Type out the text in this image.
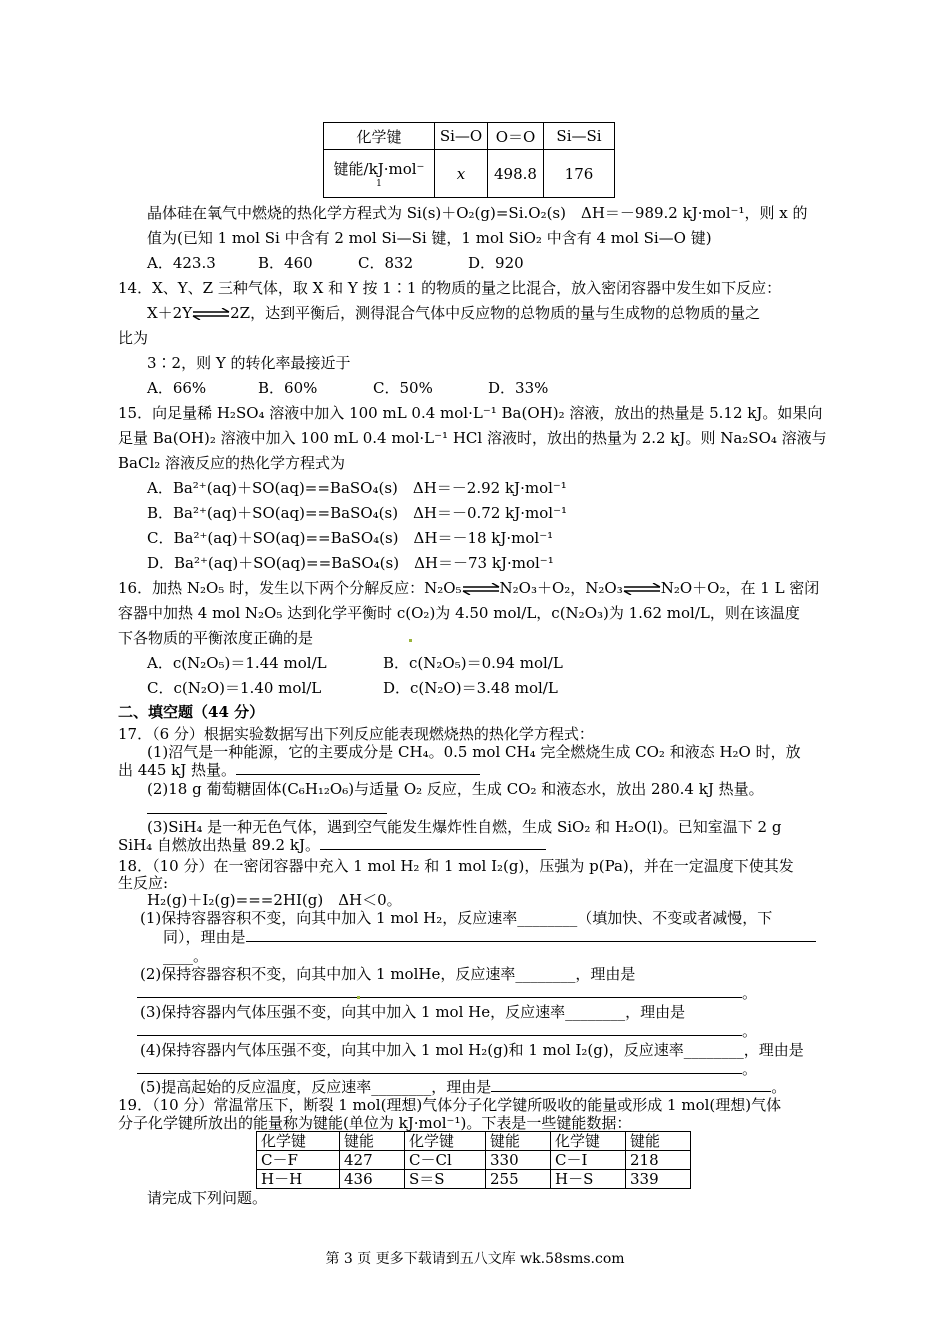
化学键	Si—O	O＝O	Si—Si
键能/kJ·mol⁻
1	x	498.8	176
晶体硅在氧气中燃烧的热化学方程式为 Si(s)＋O₂(g)=Si.O₂(s)　ΔH＝－989.2 kJ·mol⁻¹，则 x 的
值为(已知 1 mol Si 中含有 2 mol Si—Si 键，1 mol SiO₂ 中含有 4 mol Si—O 键)
A．423.3	B．460	C．832	D．920
14．X、Y、Z 三种气体，取 X 和 Y 按 1∶1 的物质的量之比混合，放入密闭容器中发生如下反应：
X＋2Y⇌2Z，达到平衡后，测得混合气体中反应物的总物质的量与生成物的总物质的量之
比为
3∶2，则 Y 的转化率最接近于
A．66%	B．60%	C．50%	D．33%
15．向足量稀 H₂SO₄ 溶液中加入 100 mL 0.4 mol·L⁻¹ Ba(OH)₂ 溶液，放出的热量是 5.12 kJ。如果向
足量 Ba(OH)₂ 溶液中加入 100 mL 0.4 mol·L⁻¹ HCl 溶液时，放出的热量为 2.2 kJ。则 Na₂SO₄ 溶液与
BaCl₂ 溶液反应的热化学方程式为
A．Ba²⁺(aq)＋SO(aq)==BaSO₄(s)　ΔH＝－2.92 kJ·mol⁻¹
B．Ba²⁺(aq)＋SO(aq)==BaSO₄(s)　ΔH＝－0.72 kJ·mol⁻¹
C．Ba²⁺(aq)＋SO(aq)==BaSO₄(s)　ΔH＝－18 kJ·mol⁻¹
D．Ba²⁺(aq)＋SO(aq)==BaSO₄(s)　ΔH＝－73 kJ·mol⁻¹
16．加热 N₂O₅ 时，发生以下两个分解反应：N₂O₅⇌N₂O₃＋O₂，N₂O₃⇌N₂O＋O₂，在 1 L 密闭
容器中加热 4 mol N₂O₅ 达到化学平衡时 c(O₂)为 4.50 mol/L，c(N₂O₃)为 1.62 mol/L，则在该温度
下各物质的平衡浓度正确的是
A．c(N₂O₅)＝1.44 mol/L	B．c(N₂O₅)＝0.94 mol/L
C．c(N₂O)＝1.40 mol/L	D．c(N₂O)＝3.48 mol/L
二、填空题（44 分）
17．（6 分）根据实验数据写出下列反应能表现燃烧热的热化学方程式：
(1)沼气是一种能源，它的主要成分是 CH₄。0.5 mol CH₄ 完全燃烧生成 CO₂ 和液态 H₂O 时，放
出 445 kJ 热量。
(2)18 g 葡萄糖固体(C₆H₁₂O₆)与适量 O₂ 反应，生成 CO₂ 和液态水，放出 280.4 kJ 热量。
(3)SiH₄ 是一种无色气体，遇到空气能发生爆炸性自燃，生成 SiO₂ 和 H₂O(l)。已知室温下 2 g
SiH₄ 自燃放出热量 89.2 kJ。
18．（10 分）在一密闭容器中充入 1 mol H₂ 和 1 mol I₂(g)，压强为 p(Pa)，并在一定温度下使其发
生反应:
H₂(g)＋I₂(g)===2HI(g)　ΔH＜0。
(1)保持容器容积不变，向其中加入 1 mol H₂，反应速率________（填加快、不变或者减慢，下
同），理由是
____。
(2)保持容器容积不变，向其中加入 1 molHe，反应速率________，理由是
。
(3)保持容器内气体压强不变，向其中加入 1 mol He，反应速率________，理由是
。
(4)保持容器内气体压强不变，向其中加入 1 mol H₂(g)和 1 mol I₂(g)，反应速率________，理由是
。
(5)提高起始的反应温度，反应速率________，理由是	。
19．（10 分）常温常压下，断裂 1 mol(理想)气体分子化学键所吸收的能量或形成 1 mol(理想)气体
分子化学键所放出的能量称为键能(单位为 kJ·mol⁻¹)。下表是一些键能数据：
化学键	键能	化学键	键能	化学键	键能
C－F	427	C－Cl	330	C－I	218
H－H	436	S＝S	255	H－S	339
请完成下列问题。
第 3 页 更多下载请到五八文库 wk.58sms.com
